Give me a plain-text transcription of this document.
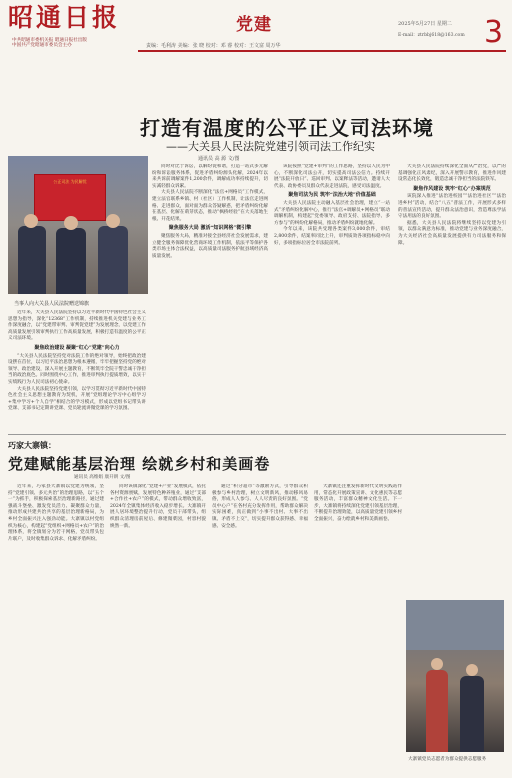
昭通日报
中共昭通市委机关报 昭通日报社出版
中国共产党昭通市委员会主办
党建
责编：毛利涛 美编：张 晓 校对：邓 睿 校对：王文富 周万华
2025年5月27日 星期二 3
E-mail：ztrbbj618@163.com
打造有温度的公平正义司法环境
——大关县人民法院党建引领司法工作纪实
通讯员 高 源 文/图
公正司法 为民解忧
当事人向大关县人民法院赠送锦旗

近年来，大关县人民法院坚持以习近平新时代中国特色社会主义思想为指导，深化“12368”工作机制，持续推进机关党建与业务工作深度融合，以“党建带审判、审判促党建”为发展理念，以党建工作高质量发展引领审判执行工作高质量发展，积极打造有温度的公平正义司法环境。

聚焦政治建设 凝聚“红心”党建”向心力

“大关县人民法院坚持党对法院工作的绝对领导，始终把政治建设摆在首位，以习近平法治思想为根本遵循，牢牢把握坚持党的绝对领导、政治建设，深入开展主题教育，不断筑牢全院干警忠诚干净担当的政治底色。同时围绕中心工作，推进审判执行提质增效，以实干实绩践行为人民司法初心使命。

大关县人民法院坚持党建引领，以学习贯彻习近平新时代中国特色社会主义思想主题教育为契机，开展“党组理论学习中心组学习+集中学习+个人自学”相结合的学习模式，形成以党组书记带头讲党课、支部书记定期讲党课、党员轮流讲微党课的学习氛围。

同时对比于诉讼，以解纷促和谐，打造一站式多元解纷和诉讼服务体系，促进矛盾纠纷源头化解，2024年以来共诉前调解案件1,200余件，调解成功率持续提升，切实减轻群众诉累。

大关县人民法院不断深化“法官+网格员”工作模式，建立法官联系乡镇、村（社区）工作机制，让法官走进网格、走进群众，面对面为群众答疑解惑，把矛盾纠纷化解在基层、化解在萌芽状态，推动“枫桥经验”在大关落地生根、开花结果。

聚焦服务大局 激活“知识网格”微引擎

聚焦服务大局，精准对接全县经济社会发展需求，建立健全服务保障优化营商环境工作机制，依法平等保护各类市场主体合法权益，以高质量司法服务护航县域经济高质量发展。

该院按照“党建+审判”的工作思路，坚持以人民为中心，不断深化司法公开，切实提高司法公信力。持续开展“法院开放日”、巡回审判、以案释法等活动，邀请人大代表、政协委员及群众代表走进法院，感受司法温度。

聚焦司法为民 筑牢“法治大地”价值基础

大关县人民法院主动融入基层社会治理，建立“一站式”矛盾纠纷化解中心，推行“法官+调解员+网格员”联动调解机制，构建起“党委领导、政府支持、法院指导、多方参与”的纠纷化解格局，推动矛盾纠纷就地化解。

今年以来，该院共受理各类案件3,000余件，审结2,800余件，结案率同比上升，审判质效各项指标稳中向好，多项指标位居全市法院前列。

大关县人民法院持续深化全面从严治党，以严的基调强化正风肃纪，深入开展警示教育，推进作风建设常态化长效化，锻造忠诚干净担当的法院铁军。

聚焦作风建设 筑牢“红心”办案规范

该院深入推进“法治进校园”“法治进社区”“法治进乡村”活动，结合“八五”普法工作，开展形式多样的普法宣传活动，提升群众法治意识，营造尊法学法守法用法的良好氛围。

据悉，大关县人民法院将继续坚持以党建为引领，以群众满意为标准，推动党建与业务深度融合，为大关经济社会高质量发展提供有力司法服务和保障。

巧家大寨镇：
党建赋能基层治理 绘就乡村和美画卷
通讯员 高维娟 康开朗 文/图

近年来，巧家县大寨镇以党建为统领，坚持“党建引领、多元共治”的治理思路，以“五个一”为抓手，积极探索基层治理新路径，通过建强战斗堡垒、激发党员活力、凝聚群众力量，推动形成共建共治共享的基层治理新格局，为乡村全面振兴注入强劲动能。大寨镇以村党组织为核心，构建起“党组织+网格员+农户”的治理体系，将全镇划分为若干网格，党员带头包片联户，及时收集群众诉求、化解矛盾纠纷。

同时该镇深化“党建+产业”发展模式，依托各村资源禀赋，发展特色种养殖业，通过“支部+合作社+农户”的模式，带动群众增收致富，2024年全镇集体经济收入稳步增长。大寨镇开展人居环境整治提升行动，党员干部带头，组织群众清理房前屋后、修建微菜园，村容村貌焕然一新。

通过“积分超市”等激励方式，引导群众积极参与乡村治理，树立文明新风，推动移风易俗，形成人人参与、人人尽责的良好氛围。“党员中心户”在各村充分发挥作用，帮助群众解决实际困难，真正做到“小事不出村、大事不出镇、矛盾不上交”，切实提升群众获得感、幸福感、安全感。

大寨镇还注重发挥新时代文明实践站作用，常态化开展政策宣讲、文化惠民等志愿服务活动，丰富群众精神文化生活。下一步，大寨镇将持续深化党建引领基层治理，不断提升治理效能，以高质量党建引领乡村全面振兴，奋力绘就乡村和美新画卷。

大寨镇党员志愿者为群众提供志愿服务
